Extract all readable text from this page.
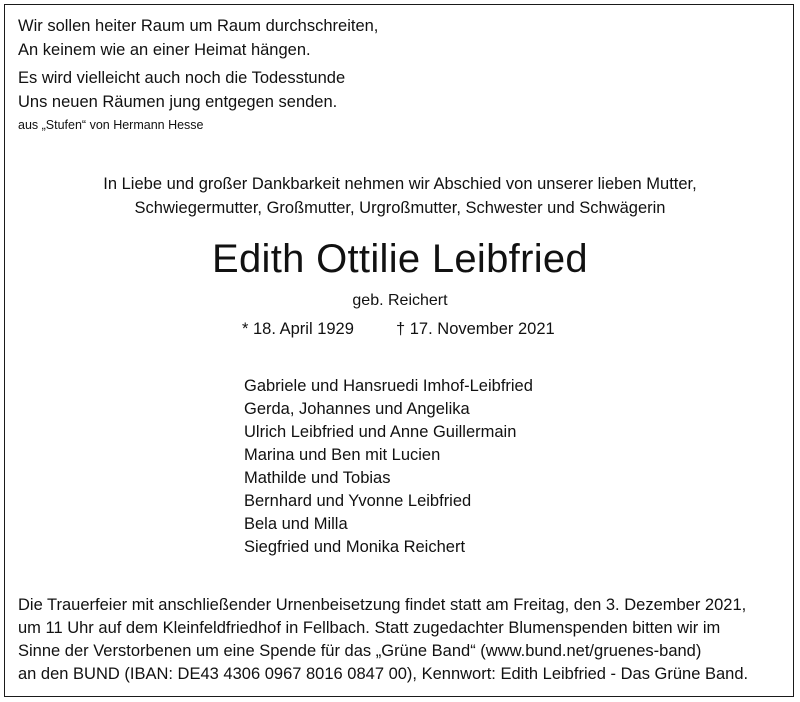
Wir sollen heiter Raum um Raum durchschreiten,
An keinem wie an einer Heimat hängen.
Es wird vielleicht auch noch die Todesstunde
Uns neuen Räumen jung entgegen senden.
aus „Stufen“ von Hermann Hesse
In Liebe und großer Dankbarkeit nehmen wir Abschied von unserer lieben Mutter,
Schwiegermutter, Großmutter, Urgroßmutter, Schwester und Schwägerin
Edith Ottilie Leibfried
geb. Reichert
* 18. April 1929	† 17. November 2021
Gabriele und Hansruedi Imhof-Leibfried
Gerda, Johannes und Angelika
Ulrich Leibfried und Anne Guillermain
Marina und Ben mit Lucien
Mathilde und Tobias
Bernhard und Yvonne Leibfried
Bela und Milla
Siegfried und Monika Reichert
Die Trauerfeier mit anschließender Urnenbeisetzung findet statt am Freitag, den 3. Dezember 2021,
um 11 Uhr auf dem Kleinfeldfriedhof in Fellbach. Statt zugedachter Blumenspenden bitten wir im
Sinne der Verstorbenen um eine Spende für das „Grüne Band“ (www.bund.net/gruenes-band)
an den BUND (IBAN: DE43 4306 0967 8016 0847 00), Kennwort: Edith Leibfried - Das Grüne Band.
